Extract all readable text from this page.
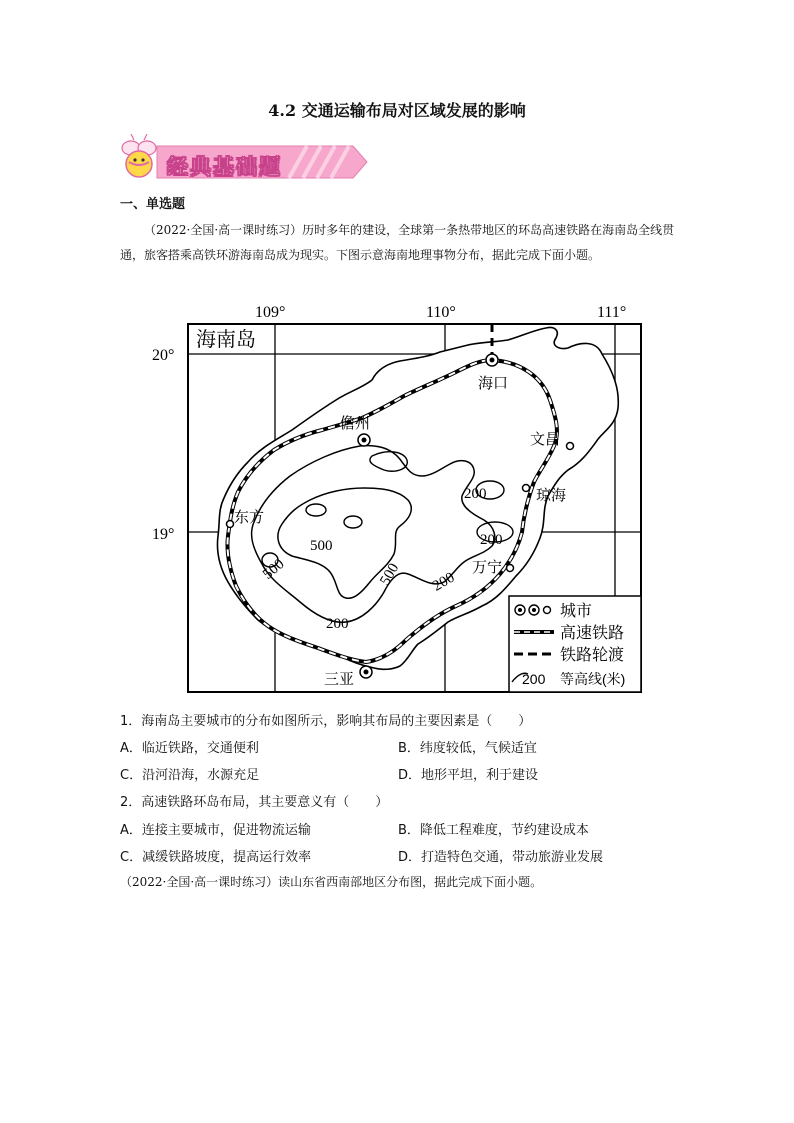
4.2 交通运输布局对区域发展的影响
经典基础题
一、单选题

（2022·全国·高一课时练习）历时多年的建设，全球第一条热带地区的环岛高速铁路在海南岛全线贯通，旅客搭乘高铁环游海南岛成为现实。下图示意海南地理事物分布，据此完成下面小题。

109°	110°	111°
20°
19°
海南岛
500
500	500
200
200
200
200
海口
儋州
文昌
琼海
东方
万宁
三亚
城市
高速铁路
铁路轮渡
200 等高线(米)
1．海南岛主要城市的分布如图所示，影响其布局的主要因素是（　　）
A．临近铁路，交通便利	B．纬度较低，气候适宜
C．沿河沿海，水源充足	D．地形平坦，利于建设
2．高速铁路环岛布局，其主要意义有（　　）
A．连接主要城市，促进物流运输	B．降低工程难度，节约建设成本
C．减缓铁路坡度，提高运行效率	D．打造特色交通，带动旅游业发展
（2022·全国·高一课时练习）读山东省西南部地区分布图，据此完成下面小题。
